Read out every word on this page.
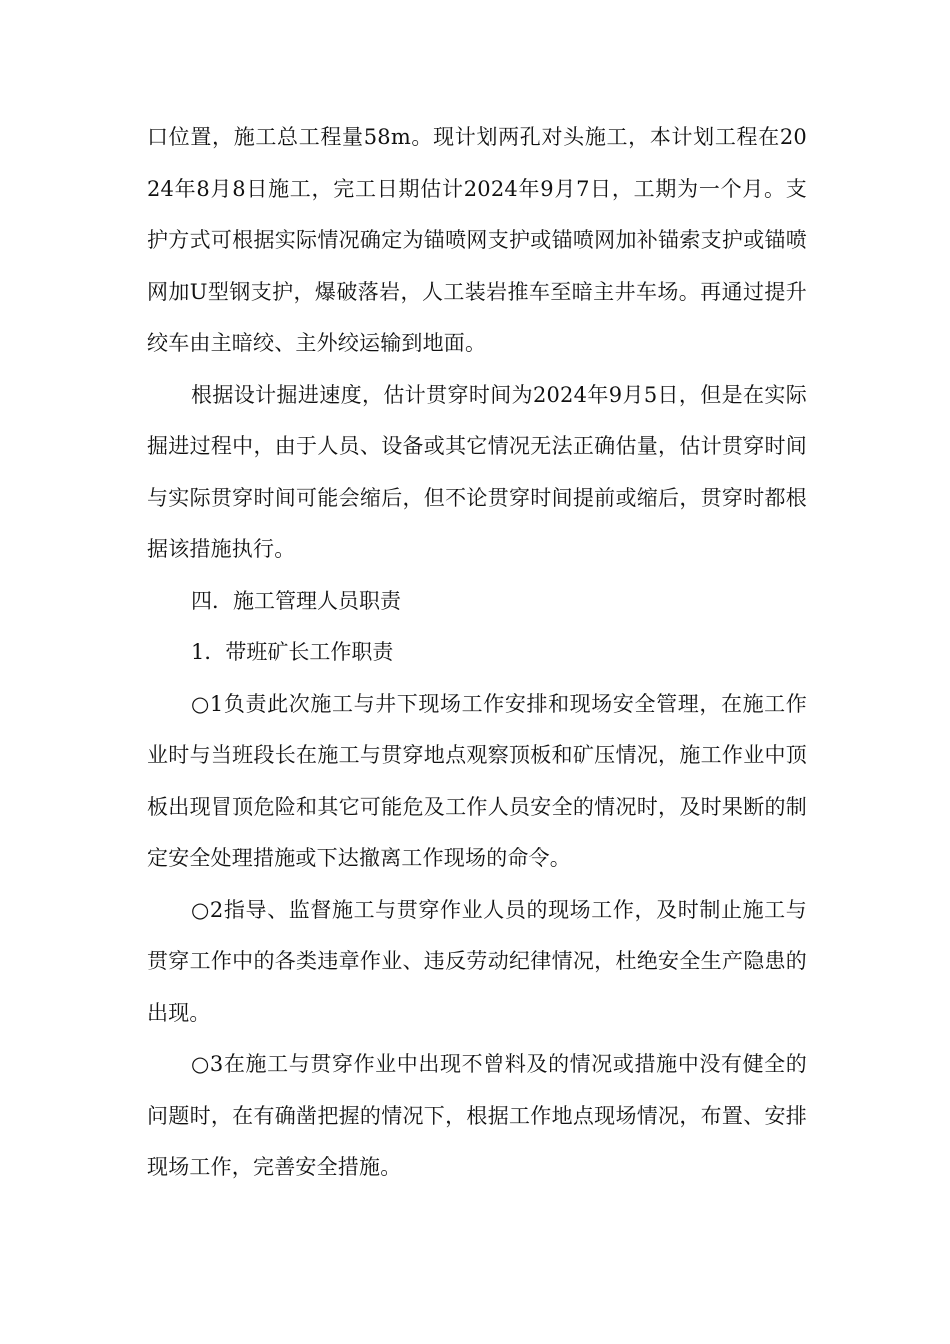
口位置，施工总工程量58m。现计划两孔对头施工，本计划工程在2024年8月8日施工，完工日期估计2024年9月7日，工期为一个月。支护方式可根据实际情况确定为锚喷网支护或锚喷网加补锚索支护或锚喷网加U型钢支护，爆破落岩，人工装岩推车至暗主井车场。再通过提升绞车由主暗绞、主外绞运输到地面。

根据设计掘进速度，估计贯穿时间为2024年9月5日，但是在实际掘进过程中，由于人员、设备或其它情况无法正确估量，估计贯穿时间与实际贯穿时间可能会缩后，但不论贯穿时间提前或缩后，贯穿时都根据该措施执行。

四．施工管理人员职责

1．带班矿长工作职责

○1负责此次施工与井下现场工作安排和现场安全管理，在施工作业时与当班段长在施工与贯穿地点观察顶板和矿压情况，施工作业中顶板出现冒顶危险和其它可能危及工作人员安全的情况时，及时果断的制定安全处理措施或下达撤离工作现场的命令。

○2指导、监督施工与贯穿作业人员的现场工作，及时制止施工与贯穿工作中的各类违章作业、违反劳动纪律情况，杜绝安全生产隐患的出现。

○3在施工与贯穿作业中出现不曾料及的情况或措施中没有健全的问题时，在有确凿把握的情况下，根据工作地点现场情况，布置、安排现场工作，完善安全措施。
